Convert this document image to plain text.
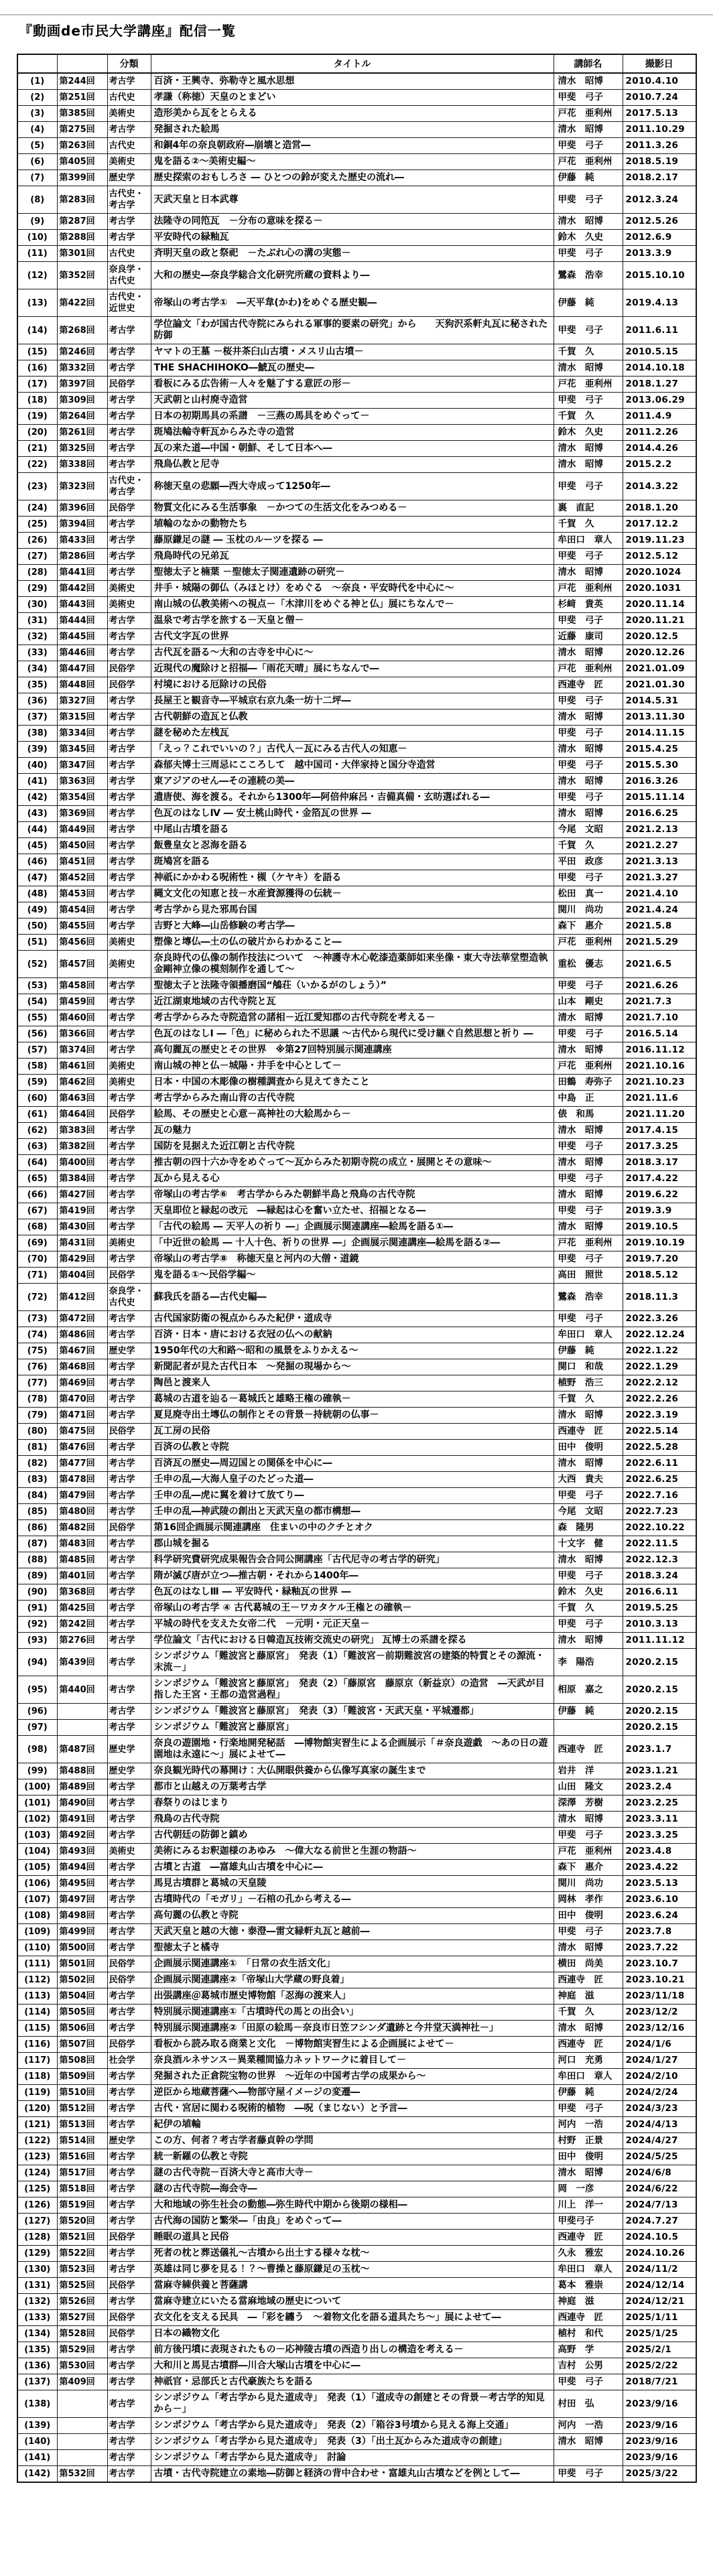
『動画de市民大学講座』配信一覧
		分類	タイトル	講師名	撮影日
(1)	第244回	考古学	百済・王興寺、弥勒寺と風水思想	清水　昭博	2010.4.10
(2)	第251回	古代史	孝謙（称徳）天皇のとまどい	甲斐　弓子	2010.7.24
(3)	第385回	美術史	造形美から瓦をとらえる	戸花　亜利州	2017.5.13
(4)	第275回	考古学	発掘された絵馬	清水　昭博	2011.10.29
(5)	第263回	古代史	和銅4年の奈良朝政府―崩壊と造営―	甲斐　弓子	2011.3.26
(6)	第405回	美術史	鬼を語る②～美術史編～	戸花　亜利州	2018.5.19
(7)	第399回	歴史学	歴史探索のおもしろさ ― ひとつの鈴が変えた歴史の流れ―	伊藤　純	2018.2.17
(8)	第283回	古代史・考古学	天武天皇と日本武尊	甲斐　弓子	2012.3.24
(9)	第287回	考古学	法隆寺の同笵瓦　－分布の意味を探る－	清水　昭博	2012.5.26
(10)	第288回	考古学	平安時代の緑釉瓦	鈴木　久史	2012.6.9
(11)	第301回	古代史	斉明天皇の政と祭祀　－たぶれ心の溝の実態－	甲斐　弓子	2013.3.9
(12)	第352回	奈良学・古代史	大和の歴史―奈良学総合文化研究所蔵の資料より―	鷺森　浩幸	2015.10.10
(13)	第422回	古代史・近世史	帝塚山の考古学①　―天平韋(かわ)をめぐる歴史観―	伊藤　純	2019.4.13
(14)	第268回	考古学	学位論文「わが国古代寺院にみられる軍事的要素の研究」から　　天狗沢系軒丸瓦に秘された防御	甲斐　弓子	2011.6.11
(15)	第246回	考古学	ヤマトの王墓 －桜井茶臼山古墳・メスリ山古墳－	千賀　久	2010.5.15
(16)	第332回	考古学	THE SHACHIHOKO―鯱瓦の歴史―	清水　昭博	2014.10.18
(17)	第397回	民俗学	看板にみる広告術－人々を魅了する意匠の形－	戸花　亜利州	2018.1.27
(18)	第309回	考古学	天武朝と山村廃寺造営	甲斐　弓子	2013.06.29
(19)	第264回	考古学	日本の初期馬具の系譜　－三燕の馬具をめぐって－	千賀　久	2011.4.9
(20)	第261回	考古学	斑鳩法輪寺軒瓦からみた寺の造営	鈴木　久史	2011.2.26
(21)	第325回	考古学	瓦の来た道―中国・朝鮮、そして日本へ―	清水　昭博	2014.4.26
(22)	第338回	考古学	飛鳥仏教と尼寺	清水　昭博	2015.2.2
(23)	第323回	古代史・考古学	称徳天皇の悲願―西大寺成って1250年―	甲斐　弓子	2014.3.22
(24)	第396回	民俗学	物質文化にみる生活事象　－かつての生活文化をみつめる－	裏　直記	2018.1.20
(25)	第394回	考古学	埴輪のなかの動物たち	千賀　久	2017.12.2
(26)	第433回	考古学	藤原鎌足の謎 ― 玉枕のルーツを探る ―	牟田口　章人	2019.11.23
(27)	第286回	考古学	飛鳥時代の兄弟瓦	甲斐　弓子	2012.5.12
(28)	第441回	考古学	聖徳太子と楠葉 －聖徳太子関連遺跡の研究－	清水　昭博	2020.1024
(29)	第442回	美術史	井手・城陽の御仏（みほとけ）をめぐる　～奈良・平安時代を中心に～	戸花　亜利州	2020.1031
(30)	第443回	美術史	南山城の仏教美術への視点－「木津川をめぐる神と仏」展にちなんで－	杉﨑　貴英	2020.11.14
(31)	第444回	考古学	温泉で考古学を旅する－天皇と僧－	甲斐　弓子	2020.11.21
(32)	第445回	考古学	古代文字瓦の世界	近藤　康司	2020.12.5
(33)	第446回	考古学	古代瓦を語る～大和の古寺を中心に～	清水　昭博	2020.12.26
(34)	第447回	民俗学	近現代の魔除けと招福―「雨花天晴」展にちなんで―	戸花　亜利州	2021.01.09
(35)	第448回	民俗学	村境における厄除けの民俗	西連寺　匠	2021.01.30
(36)	第327回	考古学	長屋王と観音寺―平城京右京九条一坊十二坪―	甲斐　弓子	2014.5.31
(37)	第315回	考古学	古代朝鮮の造瓦と仏教	清水　昭博	2013.11.30
(38)	第334回	考古学	謎を秘めた左桟瓦	甲斐　弓子	2014.11.15
(39)	第345回	考古学	「えっ？これでいいの？」古代人－瓦にみる古代人の知恵－	清水　昭博	2015.4.25
(40)	第347回	考古学	森郁夫博士三周忌にこころして　越中国司・大伴家持と国分寺造営	甲斐　弓子	2015.5.30
(41)	第363回	考古学	東アジアのせん―その連続の美―	清水　昭博	2016.3.26
(42)	第354回	考古学	遣唐使、海を渡る。それから1300年―阿倍仲麻呂・吉備真備・玄昉選ばれる―	甲斐　弓子	2015.11.14
(43)	第369回	考古学	色瓦のはなしⅣ ― 安土桃山時代・金箔瓦の世界 ―	清水　昭博	2016.6.25
(44)	第449回	考古学	中尾山古墳を語る	今尾　文昭	2021.2.13
(45)	第450回	考古学	飯豊皇女と忍海を語る	千賀　久	2021.2.27
(46)	第451回	考古学	斑鳩宮を語る	平田　政彦	2021.3.13
(47)	第452回	考古学	神祇にかかわる呪術性・槻（ケヤキ）を語る	甲斐　弓子	2021.3.27
(48)	第453回	考古学	縄文文化の知恵と技－水産資源獲得の伝統－	松田　真一	2021.4.10
(49)	第454回	考古学	考古学から見た邪馬台国	関川　尚功	2021.4.24
(50)	第455回	考古学	吉野と大峰―山岳修験の考古学―	森下　惠介	2021.5.8
(51)	第456回	美術史	塑像と塼仏―土の仏の破片からわかること―	戸花　亜利州	2021.5.29
(52)	第457回	美術史	奈良時代の仏像の制作技法について　～神護寺木心乾漆造薬師如来坐像・東大寺法華堂塑造執金剛神立像の模刻制作を通して～	重松　優志	2021.6.5
(53)	第458回	考古学	聖徳太子と法隆寺領播磨国“鵤荘（いかるがのしょう）”	甲斐　弓子	2021.6.26
(54)	第459回	考古学	近江湖東地域の古代寺院と瓦	山本　剛史	2021.7.3
(55)	第460回	考古学	考古学からみた寺院造営の諸相－近江愛知郡の古代寺院を考える－	清水　昭博	2021.7.10
(56)	第366回	考古学	色瓦のはなしⅠ ―「色」に秘められた不思議 ～古代から現代に受け継ぐ自然思想と祈り ―	甲斐　弓子	2016.5.14
(57)	第374回	考古学	高句麗瓦の歴史とその世界　※第27回特別展示関連講座	清水　昭博	2016.11.12
(58)	第461回	美術史	南山城の神と仏－城陽・井手を中心として－	戸花　亜利州	2021.10.16
(59)	第462回	美術史	日本・中国の木彫像の樹種調査から見えてきたこと	田鶴　寿弥子	2021.10.23
(60)	第463回	考古学	考古学からみた南山背の古代寺院	中島　正	2021.11.6
(61)	第464回	民俗学	絵馬、その歴史と心意－高神社の大絵馬から－	俵　和馬	2021.11.20
(62)	第383回	考古学	瓦の魅力	清水　昭博	2017.4.15
(63)	第382回	考古学	国防を見据えた近江朝と古代寺院	甲斐　弓子	2017.3.25
(64)	第400回	考古学	推古朝の四十六か寺をめぐって～瓦からみた初期寺院の成立・展開とその意味～	清水　昭博	2018.3.17
(65)	第384回	考古学	瓦から見える心	甲斐　弓子	2017.4.22
(66)	第427回	考古学	帝塚山の考古学⑥　考古学からみた朝鮮半島と飛鳥の古代寺院	清水　昭博	2019.6.22
(67)	第419回	考古学	天皇即位と縁起の改元　―縁起は心を奮い立たせ、招福となる―	甲斐　弓子	2019.3.9
(68)	第430回	考古学	「古代の絵馬 ― 天平人の祈り ―」企画展示関連講座―絵馬を語る①―	清水　昭博	2019.10.5
(69)	第431回	美術史	「中近世の絵馬 ― 十人十色、祈りの世界 ―」企画展示関連講座―絵馬を語る②―	戸花　亜利州	2019.10.19
(70)	第429回	考古学	帝塚山の考古学⑧　称徳天皇と河内の大僧・道鏡	甲斐　弓子	2019.7.20
(71)	第404回	民俗学	鬼を語る①～民俗学編～	高田　照世	2018.5.12
(72)	第412回	奈良学・古代史	蘇我氏を語る―古代史編―	鷺森　浩幸	2018.11.3
(73)	第472回	考古学	古代国家防衛の視点からみた紀伊・道成寺	甲斐　弓子	2022.3.26
(74)	第486回	考古学	百済・日本・唐における衣冠の仏への献納	牟田口　章人	2022.12.24
(75)	第467回	歴史学	1950年代の大和路～昭和の風景をふりかえる～	伊藤　純	2022.1.22
(76)	第468回	考古学	新聞記者が見た古代日本　～発掘の現場から～	関口　和哉	2022.1.29
(77)	第469回	考古学	陶邑と渡来人	植野　浩三	2022.2.12
(78)	第470回	考古学	葛城の古道を辿る－葛城氏と雄略王権の確執－	千賀　久	2022.2.26
(79)	第471回	考古学	夏見廃寺出土塼仏の制作とその背景－持統朝の仏事－	清水　昭博	2022.3.19
(80)	第475回	民俗学	瓦工房の民俗	西連寺　匠	2022.5.14
(81)	第476回	考古学	百済の仏教と寺院	田中　俊明	2022.5.28
(82)	第477回	考古学	百済瓦の歴史―周辺国との関係を中心に―	清水　昭博	2022.6.11
(83)	第478回	考古学	壬申の乱―大海人皇子のたどった道―	大西　貴夫	2022.6.25
(84)	第479回	考古学	壬申の乱―虎に翼を着けて放てり―	甲斐　弓子	2022.7.16
(85)	第480回	考古学	壬申の乱―神武陵の創出と天武天皇の都市構想―	今尾　文昭	2022.7.23
(86)	第482回	民俗学	第16回企画展示関連講座　住まいの中のクチとオク	森　隆男	2022.10.22
(87)	第483回	考古学	郡山城を掘る	十文字　健	2022.11.5
(88)	第485回	考古学	科学研究費研究成果報告会合同公開講座「古代尼寺の考古学的研究」	清水　昭博	2022.12.3
(89)	第401回	考古学	隋が滅び唐が立つ―推古朝・それから1400年―	甲斐　弓子	2018.3.24
(90)	第368回	考古学	色瓦のはなしⅢ ― 平安時代・緑釉瓦の世界 ―	鈴木　久史	2016.6.11
(91)	第425回	考古学	帝塚山の考古学 ④ 古代葛城の王－ワカタケル王権との確執－	千賀　久	2019.5.25
(92)	第242回	考古学	平城の時代を支えた女帝二代　－元明・元正天皇－	甲斐　弓子	2010.3.13
(93)	第276回	考古学	学位論文「古代における日韓造瓦技術交流史の研究」 瓦博士の系譜を探る	清水　昭博	2011.11.12
(94)	第439回	考古学	シンポジウム「難波宮と藤原宮」　発表（1）「難波宮－前期難波宮の建築的特質とその源流・末流－」	李　陽浩	2020.2.15
(95)	第440回	考古学	シンポジウム「難波宮と藤原宮」　発表（2）「藤原宮　藤原京（新益京）の造営　―天武が目指した王宮・王都の造営過程」	相原　嘉之	2020.2.15
(96)		考古学	シンポジウム「難波宮と藤原宮」　発表（3）「難波宮・天武天皇・平城遷都」	伊藤　純	2020.2.15
(97)		考古学	シンポジウム「難波宮と藤原宮」		2020.2.15
(98)	第487回	歴史学	奈良の遊園地・行楽地開発秘話　―博物館実習生による企画展示「＃奈良遊戯　～あの日の遊園地は永遠に～」展によせて―	西連寺　匠	2023.1.7
(99)	第488回	歴史学	奈良観光時代の幕開け：大仏開眼供養から仏像写真家の誕生まで	岩井　洋	2023.1.21
(100)	第489回	考古学	都市と山越えの万葉考古学	山田　隆文	2023.2.4
(101)	第490回	考古学	春祭りのはじまり	深澤　芳樹	2023.2.25
(102)	第491回	考古学	飛鳥の古代寺院	清水　昭博	2023.3.11
(103)	第492回	考古学	古代朝廷の防御と鎮め	甲斐　弓子	2023.3.25
(104)	第493回	美術史	美術にみるお釈迦様のあゆみ　～偉大なる前世と生涯の物語～	戸花　亜利州	2023.4.8
(105)	第494回	考古学	古墳と古道　―富雄丸山古墳を中心に―	森下　惠介	2023.4.22
(106)	第495回	考古学	馬見古墳群と葛城の天皇陵	関川　尚功	2023.5.13
(107)	第497回	考古学	古墳時代の「モガリ」－石棺の孔から考える―	岡林　孝作	2023.6.10
(108)	第498回	考古学	高句麗の仏教と寺院	田中　俊明	2023.6.24
(109)	第499回	考古学	天武天皇と越の大徳・泰澄―雷文縁軒丸瓦と越前―	甲斐　弓子	2023.7.8
(110)	第500回	考古学	聖徳太子と橘寺	清水　昭博	2023.7.22
(111)	第501回	民俗学	企画展示関連講座①　「日常の衣生活文化」	横田　尚美	2023.10.7
(112)	第502回	民俗学	企画展示関連講座②「帝塚山大学蔵の野良着」	西連寺　匠	2023.10.21
(113)	第504回	考古学	出張講座＠葛城市歴史博物館「忍海の渡来人」	神庭　滋	2023/11/18
(114)	第505回	考古学	特別展示関連講座①「古墳時代の馬との出会い」	千賀　久	2023/12/2
(115)	第506回	考古学	特別展示関連講座②「田原の絵馬－奈良市日笠フシンダ遺跡と今井堂天満神社－」	清水　昭博	2023/12/16
(116)	第507回	民俗学	看板から読み取る商業と文化　－博物館実習生による企画展によせて－	西連寺　匠	2024/1/6
(117)	第508回	社会学	奈良酒ルネサンス－異業種間協力ネットワークに着目して－	河口　充勇	2024/1/27
(118)	第509回	考古学	発掘された正倉院宝物の世界　～近年の中国考古学の成果から～	牟田口　章人	2024/2/10
(119)	第510回	考古学	逆臣から地蔵菩薩へ―物部守屋イメージの変遷―	伊藤　純	2024/2/24
(120)	第512回	考古学	古代・宮居に関わる呪術的植物　―呪（まじない）と予言―	甲斐　弓子	2024/3/23
(121)	第513回	考古学	紀伊の埴輪	河内　一浩	2024/4/13
(122)	第514回	歴史学	この方、何者？考古学者藤貞幹の学問	村野　正景	2024/4/27
(123)	第516回	考古学	統一新羅の仏教と寺院	田中　俊明	2024/5/25
(124)	第517回	考古学	謎の古代寺院－百済大寺と高市大寺－	清水　昭博	2024/6/8
(125)	第518回	考古学	謎の古代寺院―海会寺―	岡　一彦	2024/6/22
(126)	第519回	考古学	大和地域の弥生社会の動態―弥生時代中期から後期の様相―	川上　洋一	2024/7/13
(127)	第520回	考古学	古代海の国防と繁栄―「由良」をめぐって―	甲斐弓子	2024.7.27
(128)	第521回	民俗学	睡眠の道具と民俗	西連寺　匠	2024.10.5
(129)	第522回	考古学	死者の枕と葬送儀礼～古墳から出土する様々な枕～	久永　雅宏	2024.10.26
(130)	第523回	考古学	英雄は同じ夢を見る！？～曹操と藤原鎌足の玉枕～	牟田口　章人	2024/11/2
(131)	第525回	民俗学	當麻寺練供養と菩薩講	葛本　雅崇	2024/12/14
(132)	第526回	考古学	當麻寺建立にいたる當麻地域の歴史について	神庭　滋	2024/12/21
(133)	第527回	民俗学	衣文化を支える民具　―「彩を纏う　～着物文化を語る道具たち～」展によせて―	西連寺　匠	2025/1/11
(134)	第528回	民俗学	日本の織物文化	植村　和代	2025/1/25
(135)	第529回	考古学	前方後円墳に表現されたもの－応神陵古墳の西造り出しの構造を考える－	高野　学	2025/2/1
(136)	第530回	考古学	大和川と馬見古墳群―川合大塚山古墳を中心に―	吉村　公男	2025/2/22
(137)	第409回	考古学	神祇官・忌部氏と古代豪族たちを語る	甲斐　弓子	2018/7/21
(138)		考古学	シンポジウム「考古学から見た道成寺」　発表（1）「道成寺の創建とその背景－考古学的知見から－」	村田　弘	2023/9/16
(139)		考古学	シンポジウム「考古学から見た道成寺」　発表（2）「箱谷3号墳から見える海上交通」	河内　一浩	2023/9/16
(140)		考古学	シンポジウム「考古学から見た道成寺」　発表（3）「出土瓦からみた道成寺の創建」	清水　昭博	2023/9/16
(141)		考古学	シンポジウム「考古学から見た道成寺」　討論		2023/9/16
(142)	第532回	考古学	古墳・古代寺院建立の素地―防御と経済の背中合わせ・富雄丸山古墳などを例として―	甲斐　弓子	2025/3/22
